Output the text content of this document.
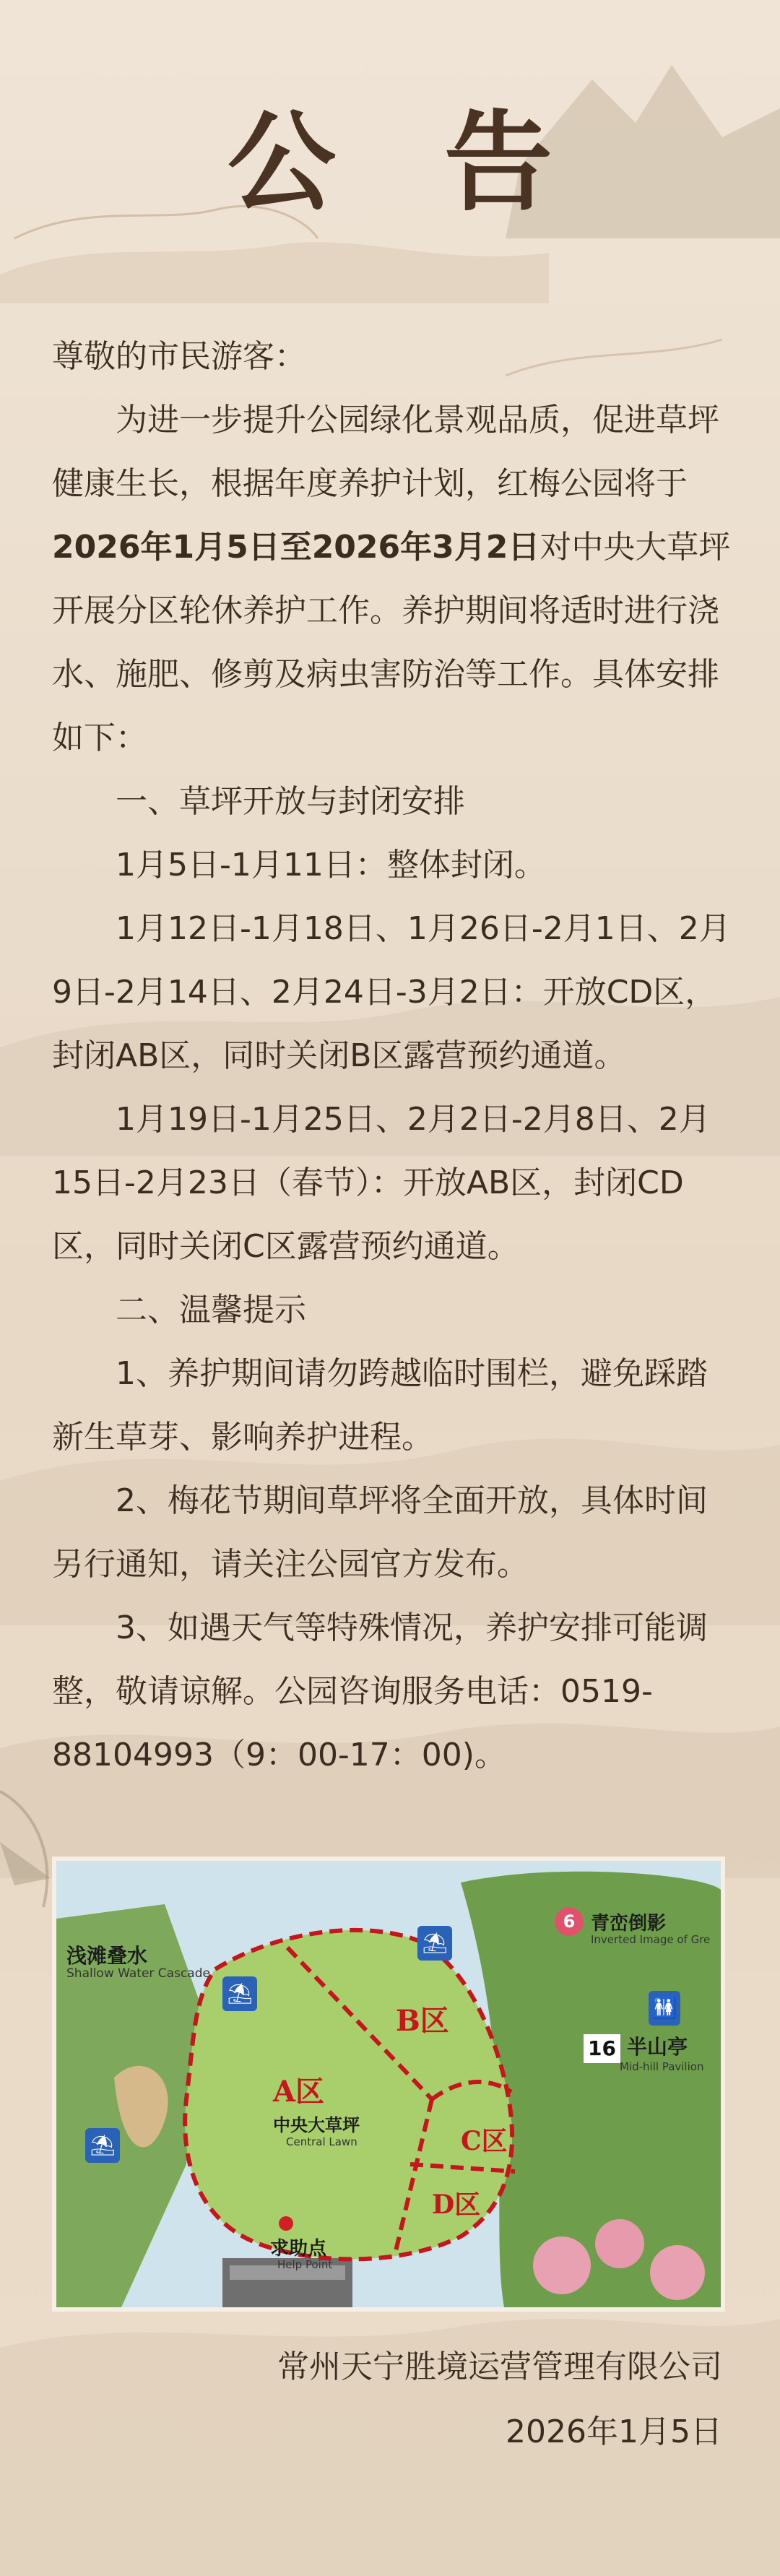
公告

尊敬的市民游客：

为进一步提升公园绿化景观品质，促进草坪健康生长，根据年度养护计划，红梅公园将于2026年1月5日至2026年3月2日对中央大草坪开展分区轮休养护工作。养护期间将适时进行浇水、施肥、修剪及病虫害防治等工作。具体安排如下：

一、草坪开放与封闭安排

1月5日-1月11日：整体封闭。

1月12日-1月18日、1月26日-2月1日、2月9日-2月14日、2月24日-3月2日：开放CD区，封闭AB区，同时关闭B区露营预约通道。

1月19日-1月25日、2月2日-2月8日、2月15日-2月23日（春节）：开放AB区，封闭CD区，同时关闭C区露营预约通道。

二、温馨提示

1、养护期间请勿跨越临时围栏，避免踩踏新生草芽、影响养护进程。

2、梅花节期间草坪将全面开放，具体时间另行通知，请关注公园官方发布。

3、如遇天气等特殊情况，养护安排可能调整，敬请谅解。公园咨询服务电话：0519-88104993（9：00-17：00)。

浅滩叠水
Shallow Water Cascade
⛱
⛱
⛱
🚻
6 青峦倒影
Inverted Image of Gre
16 半山亭
Mid-hill Pavilion
A区
中央大草坪
Central Lawn
B区
C区
D区
求助点
Help Point
常州天宁胜境运营管理有限公司
2026年1月5日
